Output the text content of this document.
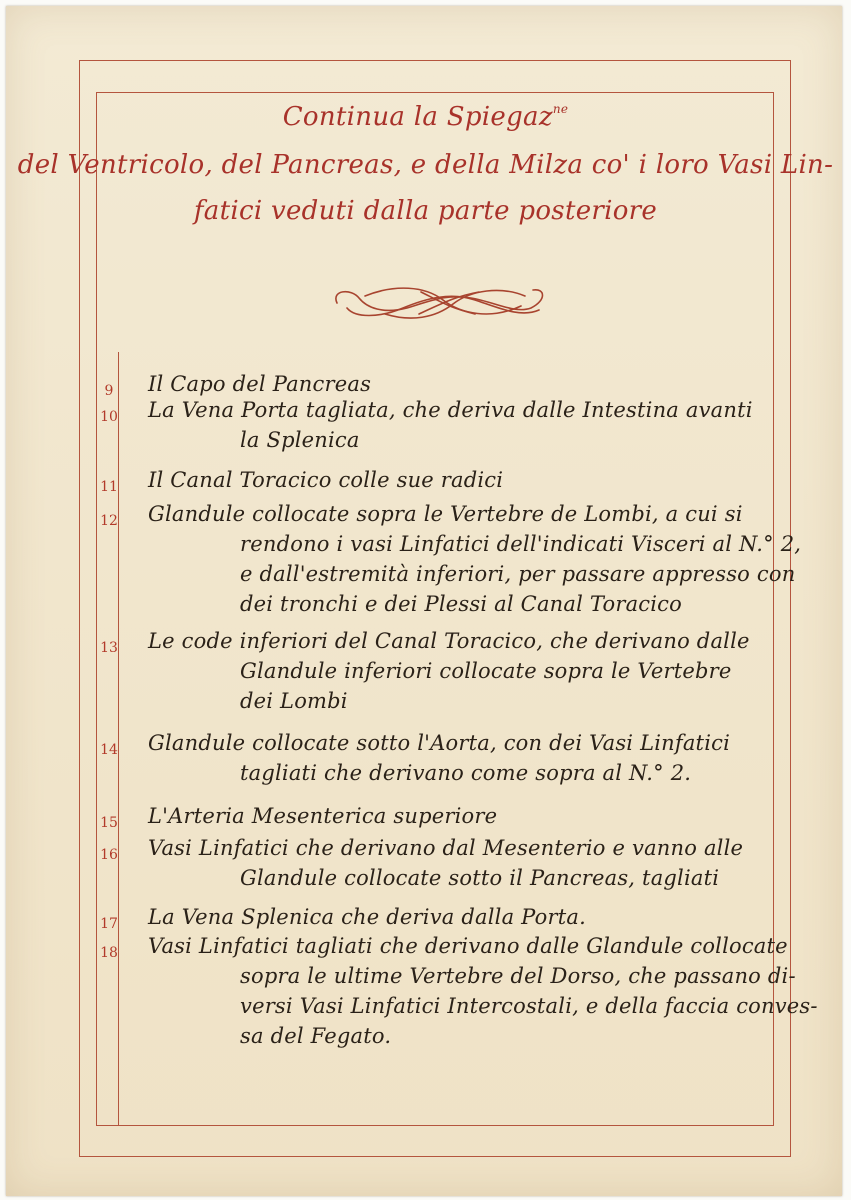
Continua la Spiegaz$^{ne}$
del Ventricolo, del Pancreas, e della Milza co' i loro Vasi Lin-
fatici veduti dalla parte posteriore
9 Il Capo del Pancreas
10 La Vena Porta tagliata, che deriva dalle Intestina avanti
la Splenica
11 Il Canal Toracico colle sue radici
12 Glandule collocate sopra le Vertebre de Lombi, a cui si
rendono i vasi Linfatici dell'indicati Visceri al N.° 2,
e dall'estremità inferiori, per passare appresso con
dei tronchi e dei Plessi al Canal Toracico
13 Le code inferiori del Canal Toracico, che derivano dalle
Glandule inferiori collocate sopra le Vertebre
dei Lombi
14 Glandule collocate sotto l'Aorta, con dei Vasi Linfatici
tagliati che derivano come sopra al N.° 2.
15 L'Arteria Mesenterica superiore
16 Vasi Linfatici che derivano dal Mesenterio e vanno alle
Glandule collocate sotto il Pancreas, tagliati
17 La Vena Splenica che deriva dalla Porta.
18 Vasi Linfatici tagliati che derivano dalle Glandule collocate
sopra le ultime Vertebre del Dorso, che passano di-
versi Vasi Linfatici Intercostali, e della faccia conves-
sa del Fegato.
